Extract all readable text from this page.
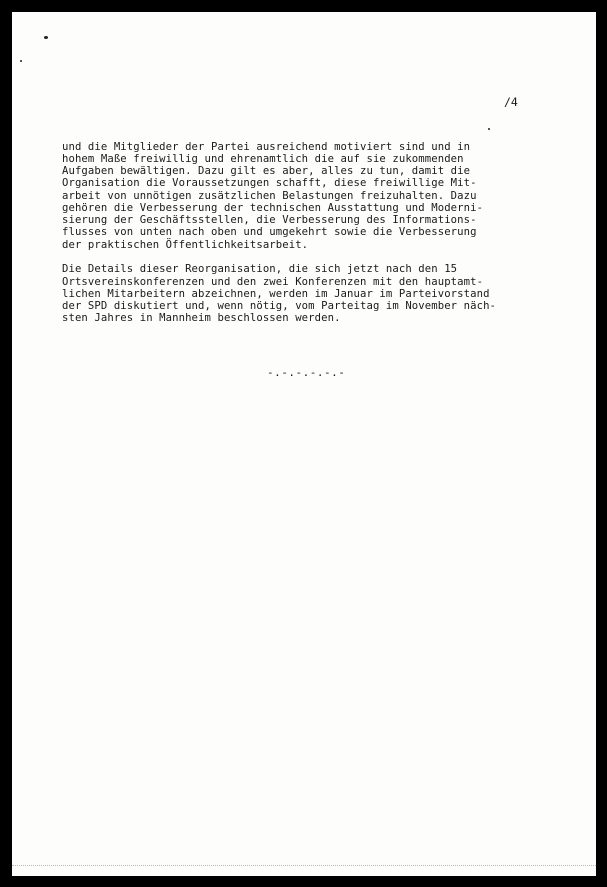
/4

und die Mitglieder der Partei ausreichend motiviert sind und in

hohem Maße freiwillig und ehrenamtlich die auf sie zukommenden

Aufgaben bewältigen. Dazu gilt es aber, alles zu tun, damit die

Organisation die Voraussetzungen schafft, diese freiwillige Mit-

arbeit von unnötigen zusätzlichen Belastungen freizuhalten. Dazu

gehören die Verbesserung der technischen Ausstattung und Moderni-

sierung der Geschäftsstellen, die Verbesserung des Informations-

flusses von unten nach oben und umgekehrt sowie die Verbesserung

der praktischen Öffentlichkeitsarbeit.

Die Details dieser Reorganisation, die sich jetzt nach den 15

Ortsvereinskonferenzen und den zwei Konferenzen mit den hauptamt-

lichen Mitarbeitern abzeichnen, werden im Januar im Parteivorstand

der SPD diskutiert und, wenn nötig, vom Parteitag im November näch-

sten Jahres in Mannheim beschlossen werden.

-.-.-.-.-.-
